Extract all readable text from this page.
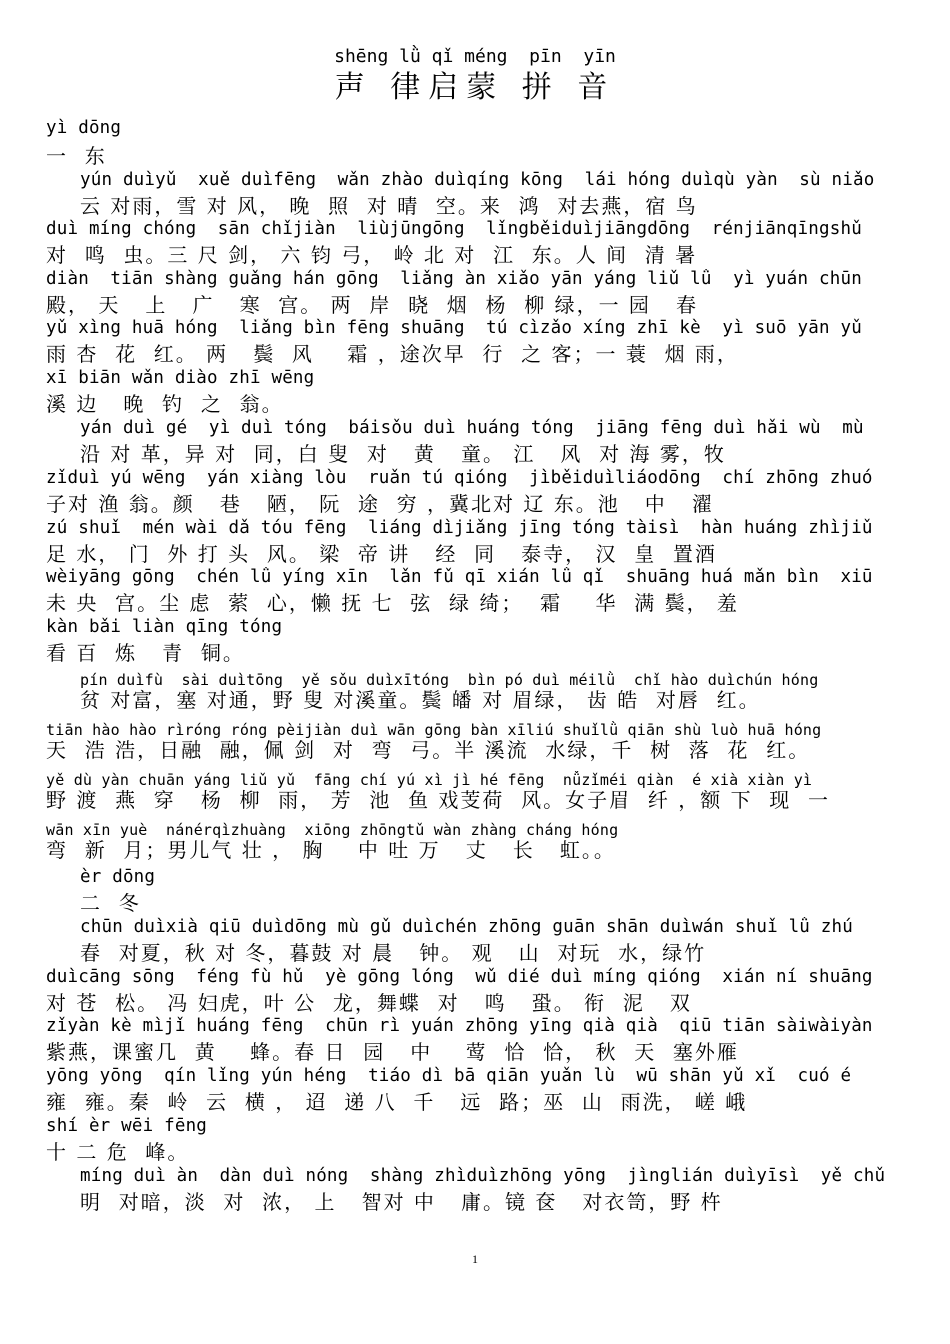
shēng lǜ qǐ méng  pīn  yīn
声 律启蒙 拼 音
yì dōng
一  东
yún duìyǔ  xuě duìfēng  wǎn zhào duìqíng kōng  lái hóng duìqù yàn  sù niǎo
云 对雨，雪 对 风， 晚  照  对 晴  空。来  鸿  对去燕，宿 鸟
duì míng chóng  sān chǐjiàn  liùjūngōng  lǐngběiduìjiāngdōng  rénjiānqīngshǔ
对  鸣  虫。三 尺 剑， 六 钧 弓， 岭 北 对  江  东。人 间  清 暑
diàn  tiān shàng guǎng hán gōng  liǎng àn xiǎo yān yáng liǔ lǜ  yì yuán chūn
殿， 天   上   广   寒  宫。 两  岸  晓  烟  杨  柳 绿，一 园   春
yǔ xìng huā hóng  liǎng bìn fēng shuāng  tú cìzǎo xíng zhī kè  yì suō yān yǔ
雨 杏  花  红。 两   鬓  风    霜 ，途次早  行  之 客；一 蓑  烟 雨，
xī biān wǎn diào zhī wēng
溪 边   晚  钓  之  翁。
yán duì gé  yì duì tóng  báisǒu duì huáng tóng  jiāng fēng duì hǎi wù  mù
沿 对 革，异 对  同，白 叟  对   黄   童。 江   风  对 海 雾，牧
zǐduì yú wēng  yán xiàng lòu  ruǎn tú qióng  jìběiduìliáodōng  chí zhōng zhuó
子对 渔 翁。颜   巷   陋， 阮  途  穷 ，冀北对 辽 东。池   中   濯
zú shuǐ  mén wài dǎ tóu fēng  liáng dìjiǎng jīng tóng tàisì  hàn huáng zhìjiǔ
足 水， 门  外 打 头  风。 梁  帝 讲   经  同   泰寺， 汉  皇  置酒
wèiyāng gōng  chén lǜ yíng xīn  lǎn fǔ qī xián lǜ qǐ  shuāng huá mǎn bìn  xiū
未 央  宫。尘 虑  萦  心，懒 抚 七  弦  绿 绮；  霜    华  满 鬓， 羞
kàn bǎi liàn qīng tóng
看 百  炼   青  铜。
pín duìfù  sài duìtōng  yě sǒu duìxītóng  bìn pó duì méilǜ  chǐ hào duìchún hóng
贫 对富，塞 对通，野 叟 对溪童。鬓 皤 对 眉绿， 齿 皓  对唇  红。
tiān hào hào rìróng róng pèijiàn duì wān gōng bàn xīliú shuǐlǜ qiān shù luò huā hóng
天  浩 浩，日融  融，佩 剑  对  弯  弓。半 溪流  水绿，千  树  落  花  红。
yě dù yàn chuān yáng liǔ yǔ  fāng chí yú xì jì hé fēng  nǚzǐméi qiàn  é xià xiàn yì
野 渡  燕  穿   杨  柳  雨， 芳  池  鱼 戏芰荷  风。女子眉  纤 ，额 下  现  一
wān xīn yuè  nánérqìzhuàng  xiōng zhōngtǔ wàn zhàng cháng hóng
弯  新  月；男儿气 壮 ， 胸    中 吐 万   丈   长   虹。。
èr dōng
二  冬
chūn duìxià qiū duìdōng mù gǔ duìchén zhōng guān shān duìwán shuǐ lǜ zhú
春  对夏，秋 对 冬，暮鼓 对 晨   钟。 观   山  对玩  水，绿竹
duìcāng sōng  féng fù hǔ  yè gōng lóng  wǔ dié duì míng qióng  xián ní shuāng
对 苍  松。 冯 妇虎，叶 公  龙，舞蝶  对   鸣   蛩。 衔  泥   双
zǐyàn kè mìjǐ huáng fēng  chūn rì yuán zhōng yīng qià qià  qiū tiān sàiwàiyàn
紫燕，课蜜几  黄    蜂。春 日  园   中    莺  恰  恰， 秋  天  塞外雁
yōng yōng  qín lǐng yún héng  tiáo dì bā qiān yuǎn lù  wū shān yǔ xǐ  cuó é
雍  雍。秦  岭  云  横 ， 迢  递 八  千   远  路；巫  山  雨洗， 嵯 峨
shí èr wēi fēng
十 二 危  峰。
míng duì àn  dàn duì nóng  shàng zhìduìzhōng yōng  jìnglián duìyīsì  yě chǔ
明  对暗，淡  对  浓， 上   智对 中   庸。镜 奁   对衣笥，野 杵
1
